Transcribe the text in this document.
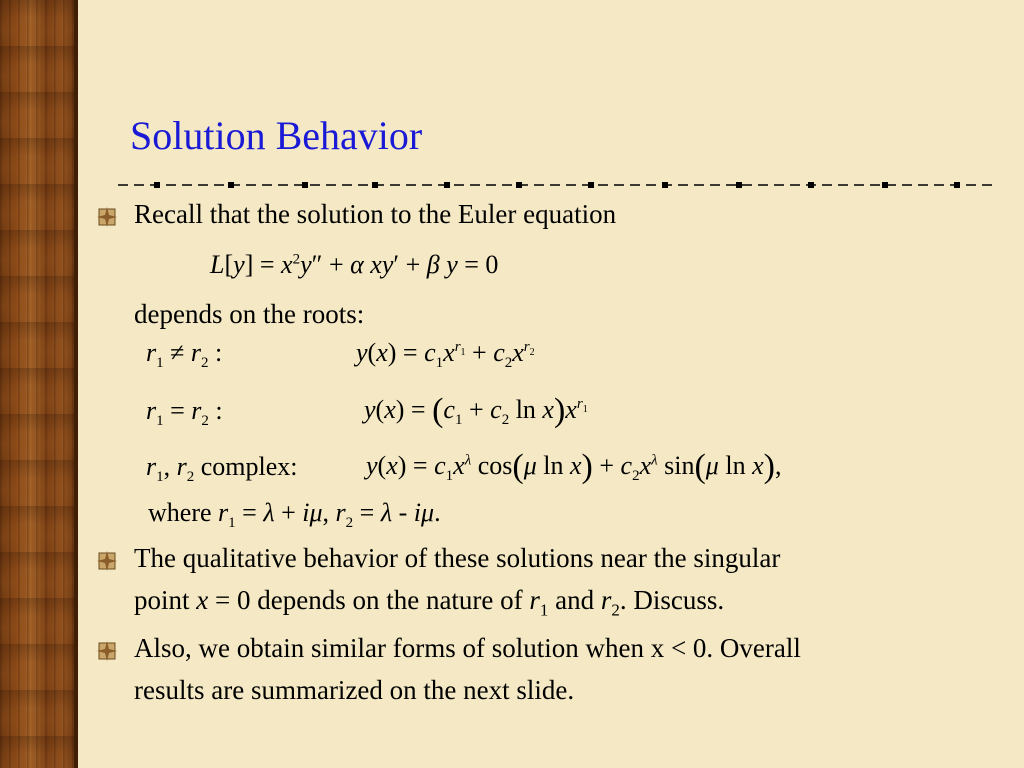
Solution Behavior
Recall that the solution to the Euler equation
$L[y] = x^2y'' + \alpha$ xy′ + β y = 0
depends on the roots:
$r_1 \ne r_2$ :	$y(x) = c_1x^{r_1} + c_2x^{r_2}$
$r_1 = r_2$ :	$y(x) = (c_1 + c_2$ $\ln x)x^{r_1}$
$r_1$, $r_2$ complex:	$y(x) = c_1x^\lambda$ cos(μ $\ln x) + c_2x^\lambda$ sin(μ ln x),
where $r_1 = \lambda + i\mu$, $r_2 = \lambda - i\mu$.
The qualitative behavior of these solutions near the singular
point x = 0 depends on the nature of $r_1$ and $r_2$. Discuss.
Also, we obtain similar forms of solution when x < 0. Overall
results are summarized on the next slide.
